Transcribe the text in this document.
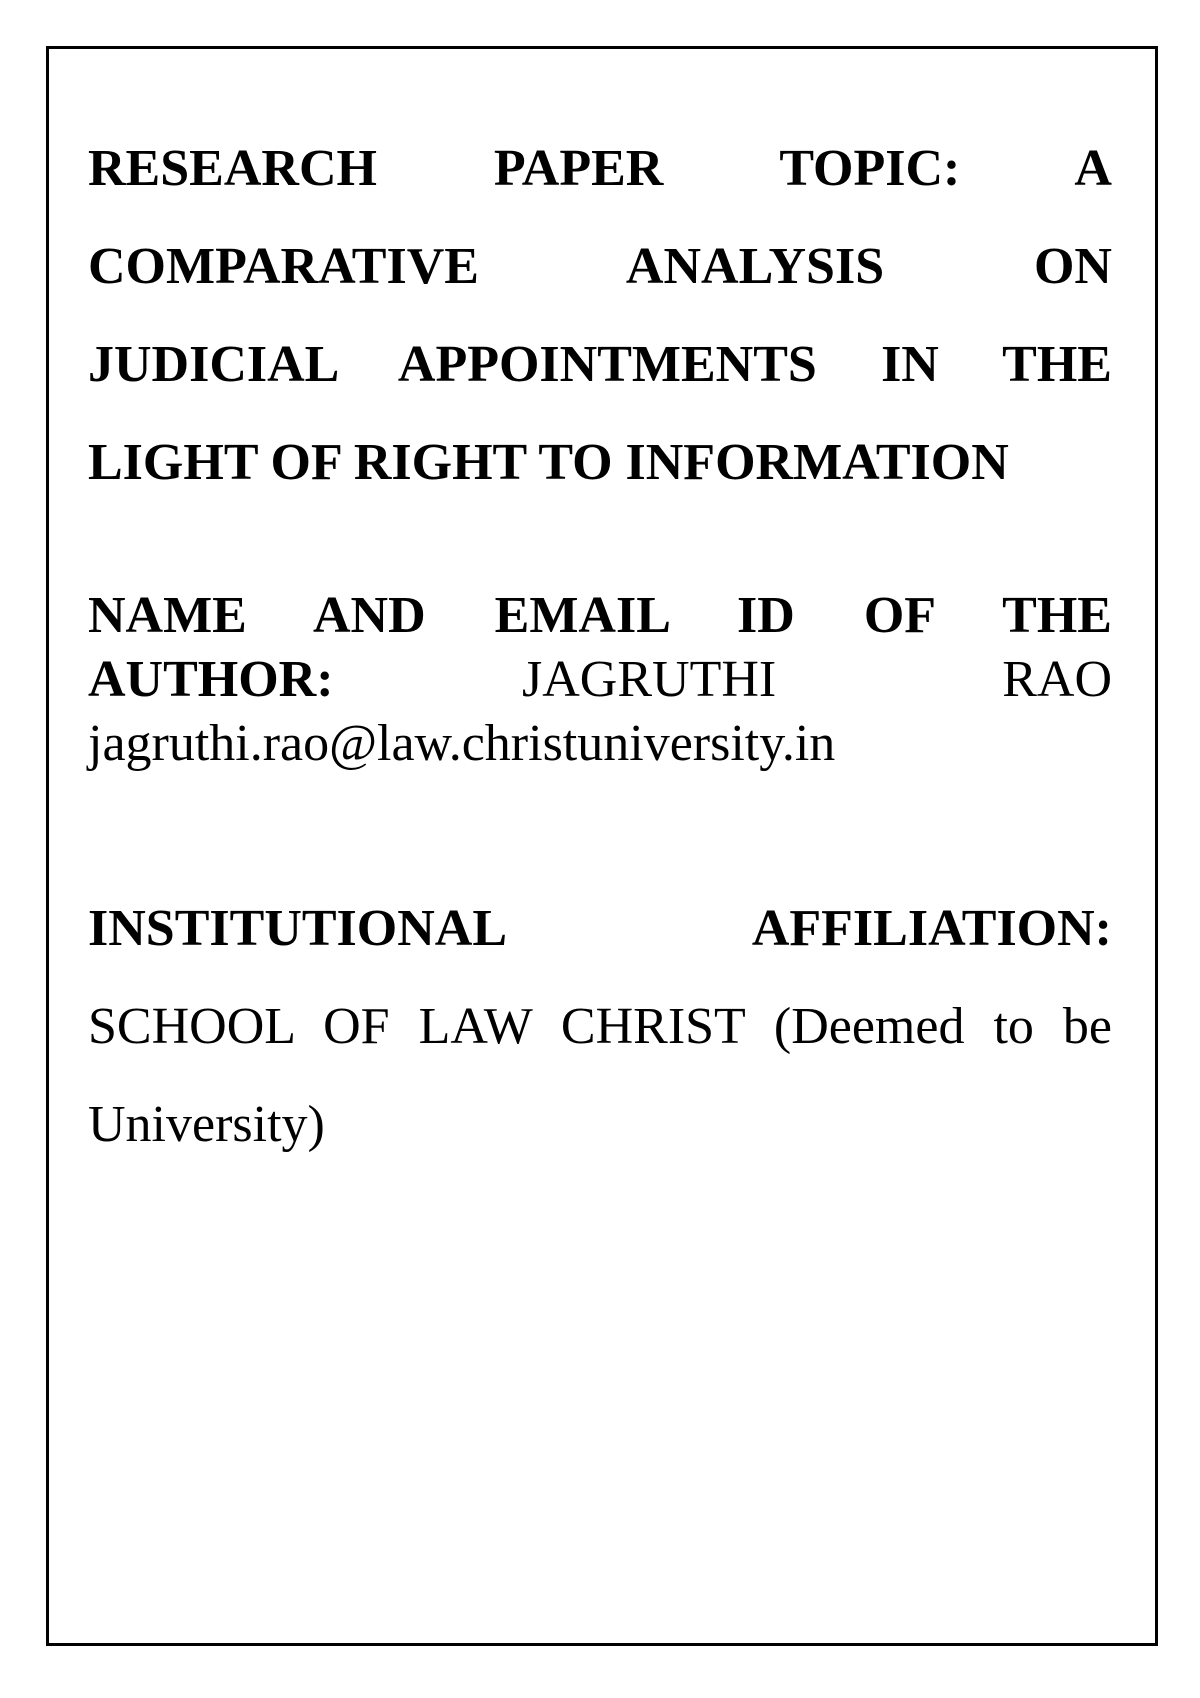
RESEARCH PAPER TOPIC: A
COMPARATIVE ANALYSIS ON
JUDICIAL APPOINTMENTS IN THE
LIGHT OF RIGHT TO INFORMATION
NAME AND EMAIL ID OF THE
AUTHOR:	JAGRUTHI	RAO
jagruthi.rao@law.christuniversity.in
INSTITUTIONAL AFFILIATION:
SCHOOL OF LAW CHRIST (Deemed to be
University)
